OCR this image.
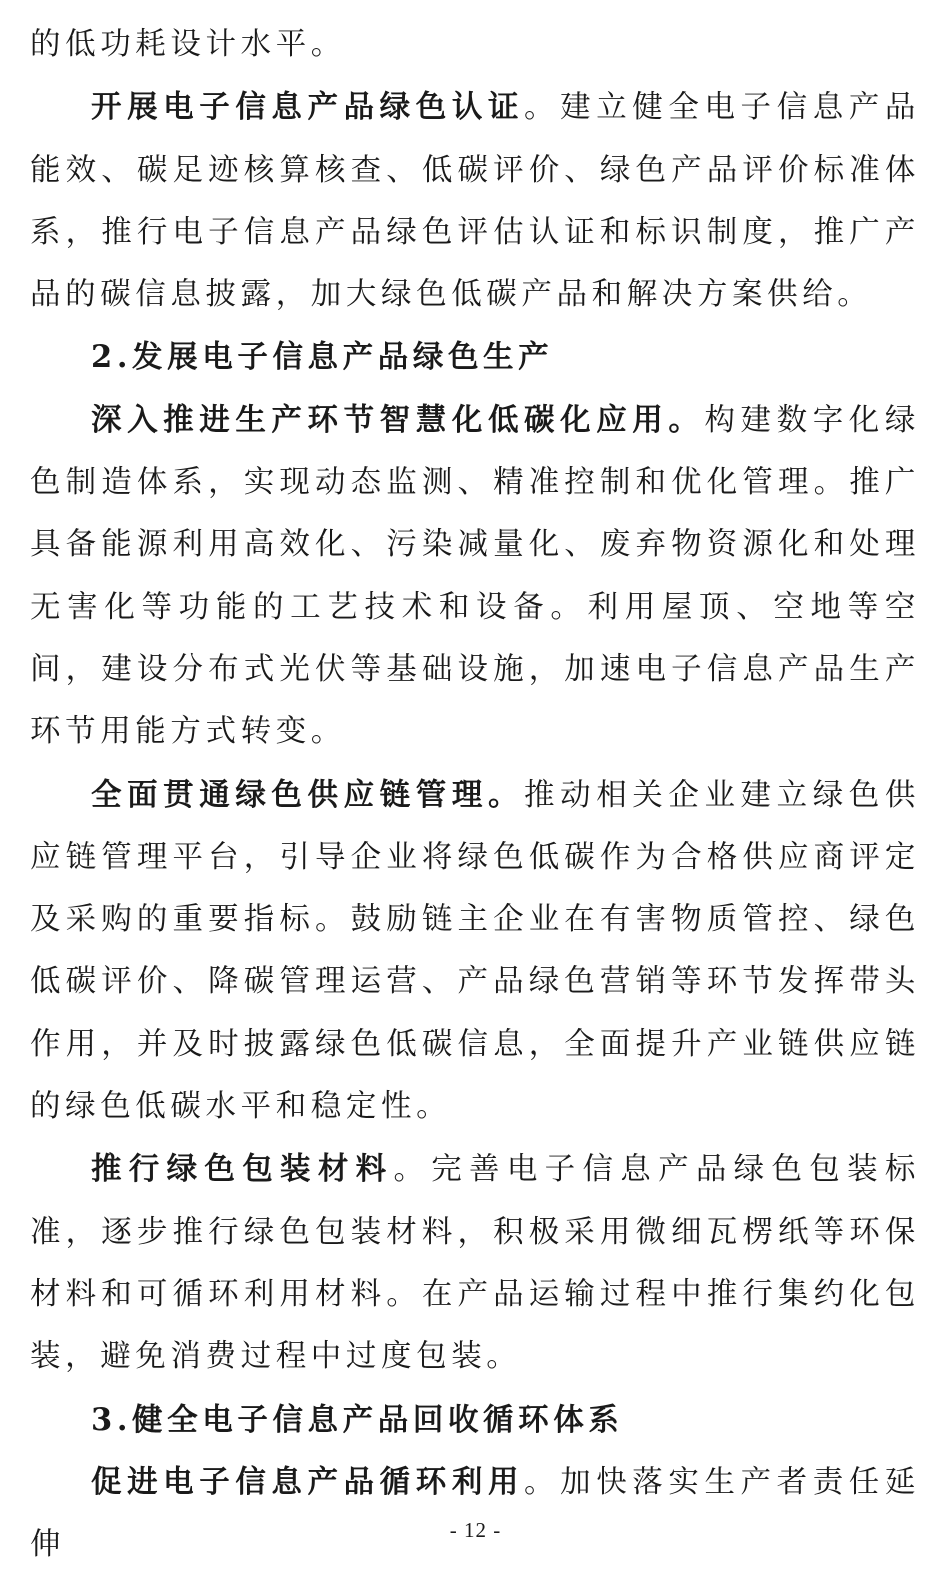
的低功耗设计水平。

开展电子信息产品绿色认证。建立健全电子信息产品能效、碳足迹核算核查、低碳评价、绿色产品评价标准体系，推行电子信息产品绿色评估认证和标识制度，推广产品的碳信息披露，加大绿色低碳产品和解决方案供给。

2.发展电子信息产品绿色生产

深入推进生产环节智慧化低碳化应用。构建数字化绿色制造体系，实现动态监测、精准控制和优化管理。推广具备能源利用高效化、污染减量化、废弃物资源化和处理无害化等功能的工艺技术和设备。利用屋顶、空地等空间，建设分布式光伏等基础设施，加速电子信息产品生产环节用能方式转变。

全面贯通绿色供应链管理。推动相关企业建立绿色供应链管理平台，引导企业将绿色低碳作为合格供应商评定及采购的重要指标。鼓励链主企业在有害物质管控、绿色低碳评价、降碳管理运营、产品绿色营销等环节发挥带头作用，并及时披露绿色低碳信息，全面提升产业链供应链的绿色低碳水平和稳定性。

推行绿色包装材料。完善电子信息产品绿色包装标准，逐步推行绿色包装材料，积极采用微细瓦楞纸等环保材料和可循环利用材料。在产品运输过程中推行集约化包装，避免消费过程中过度包装。

3.健全电子信息产品回收循环体系

促进电子信息产品循环利用。加快落实生产者责任延伸	- 12 -
